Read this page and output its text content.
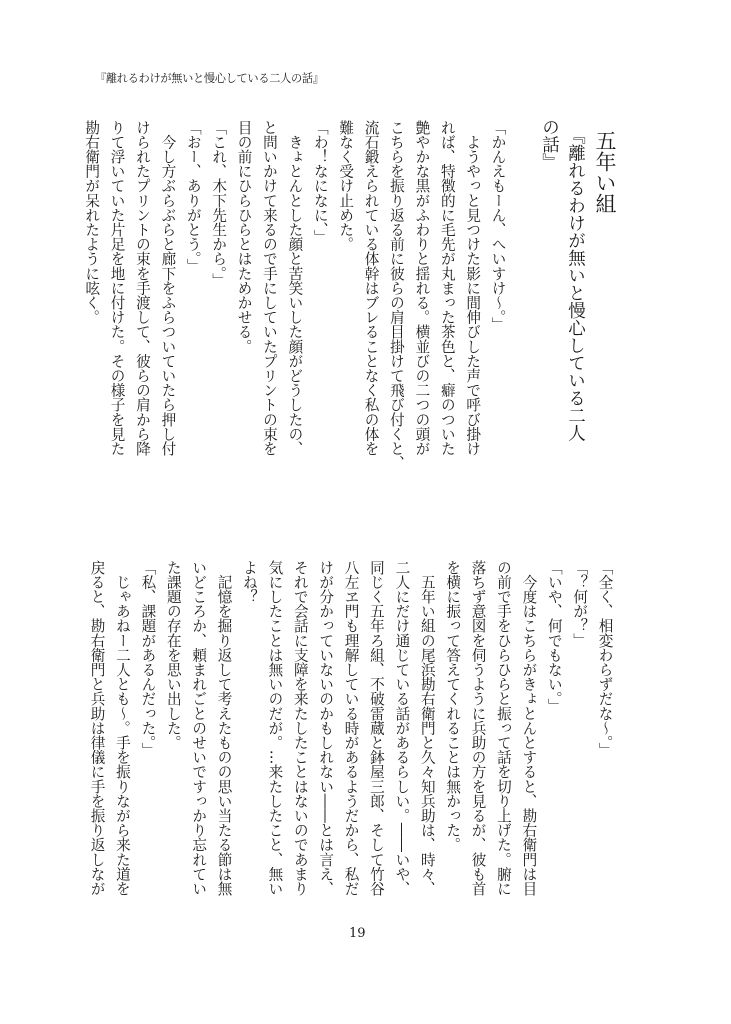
『離れるわけが無いと慢心している二人の話』
五年い組
　『離れるわけが無いと慢心している二人
の話』
「かんえもーん、へいすけ～。」
　ようやっと見つけた影に間伸びした声で呼び掛け
れば、特徴的に毛先が丸まった茶色と、癖のついた
艶やかな黒がふわりと揺れる。横並びの二つの頭が
こちらを振り返る前に彼らの肩目掛けて飛び付くと、
流石鍛えられている体幹はブレることなく私の体を
難なく受け止めた。
「わ！なになに、」
　きょとんとした顔と苦笑いした顔がどうしたの、
と問いかけて来るので手にしていたプリントの束を
目の前にひらひらとはためかせる。
「これ、木下先生から。」
「おー、ありがとう。」
　今し方ぶらぶらと廊下をふらついていたら押し付
けられたプリントの束を手渡して、彼らの肩から降
りて浮いていた片足を地に付けた。その様子を見た
勘右衛門が呆れたように呟く。
「全く、相変わらずだな～。」
「？何が？」
「いや、何でもない。」
　今度はこちらがきょとんとすると、勘右衛門は目
の前で手をひらひらと振って話を切り上げた。腑に
落ちず意図を伺うように兵助の方を見るが、彼も首
を横に振って答えてくれることは無かった。
　五年い組の尾浜勘右衛門と久々知兵助は、時々、
二人にだけ通じている話があるらしい。――いや、
同じく五年ろ組、不破雷蔵と鉢屋三郎、そして竹谷
八左ヱ門も理解している時があるようだから、私だ
けが分かっていないのかもしれない――とは言え、
それで会話に支障を来たしたことはないのであまり
気にしたことは無いのだが。…来たしたこと、無い
よね？
　記憶を掘り返して考えたものの思い当たる節は無
いどころか、頼まれごとのせいですっかり忘れてい
た課題の存在を思い出した。
「私、課題があるんだった。」
　じゃあねー二人とも～。手を振りながら来た道を
戻ると、勘右衛門と兵助は律儀に手を振り返しなが
19
